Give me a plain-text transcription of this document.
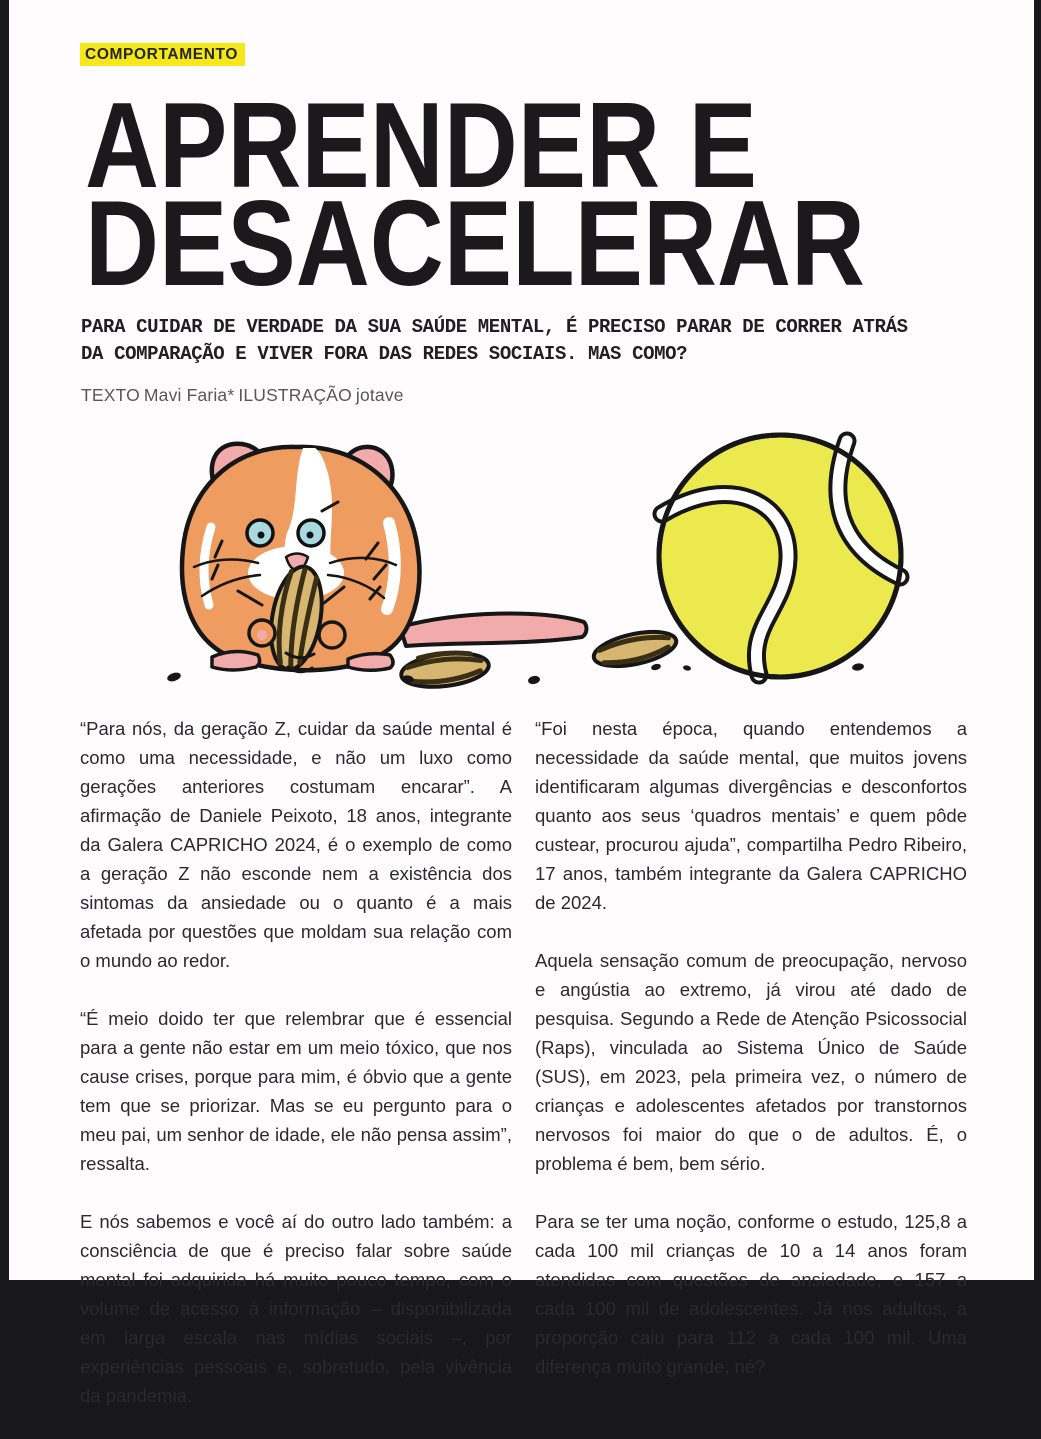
COMPORTAMENTO
APRENDER E
DESACELERAR
PARA CUIDAR DE VERDADE DA SUA SAÚDE MENTAL, É PRECISO PARAR DE CORRER ATRÁS
DA COMPARAÇÃO E VIVER FORA DAS REDES SOCIAIS. MAS COMO?
TEXTO Mavi Faria* ILUSTRAÇÃO jotave

“Para nós, da geração Z, cuidar da saúde mental é como uma necessidade, e não um luxo como gerações anteriores costumam encarar”. A afirmação de Daniele Peixoto, 18 anos, integrante da Galera CAPRICHO 2024, é o exemplo de como a geração Z não esconde nem a existência dos sintomas da ansiedade ou o quanto é a mais afetada por questões que moldam sua relação com o mundo ao redor.

“É meio doido ter que relembrar que é essencial para a gente não estar em um meio tóxico, que nos cause crises, porque para mim, é óbvio que a gente tem que se priorizar. Mas se eu pergunto para o meu pai, um senhor de idade, ele não pensa assim”, ressalta.

E nós sabemos e você aí do outro lado também: a consciência de que é preciso falar sobre saúde mental foi adquirida há muito pouco tempo, com o volume de acesso à informação – disponibilizada em larga escala nas mídias sociais –, por experiências pessoais e, sobretudo, pela vivência da pandemia.

“Foi nesta época, quando entendemos a necessidade da saúde mental, que muitos jovens identificaram algumas divergências e desconfortos quanto aos seus ‘quadros mentais’ e quem pôde custear, procurou ajuda”, compartilha Pedro Ribeiro, 17 anos, também integrante da Galera CAPRICHO de 2024.

Aquela sensação comum de preocupação, nervoso e angústia ao extremo, já virou até dado de pesquisa. Segundo a Rede de Atenção Psicossocial (Raps), vinculada ao Sistema Único de Saúde (SUS), em 2023, pela primeira vez, o número de crianças e adolescentes afetados por transtornos nervosos foi maior do que o de adultos. É, o problema é bem, bem sério.

Para se ter uma noção, conforme o estudo, 125,8 a cada 100 mil crianças de 10 a 14 anos foram atendidas com questões de ansiedade, e 157 a cada 100 mil de adolescentes. Já nos adultos, a proporção caiu para 112 a cada 100 mil. Uma diferença muito grande, né?
